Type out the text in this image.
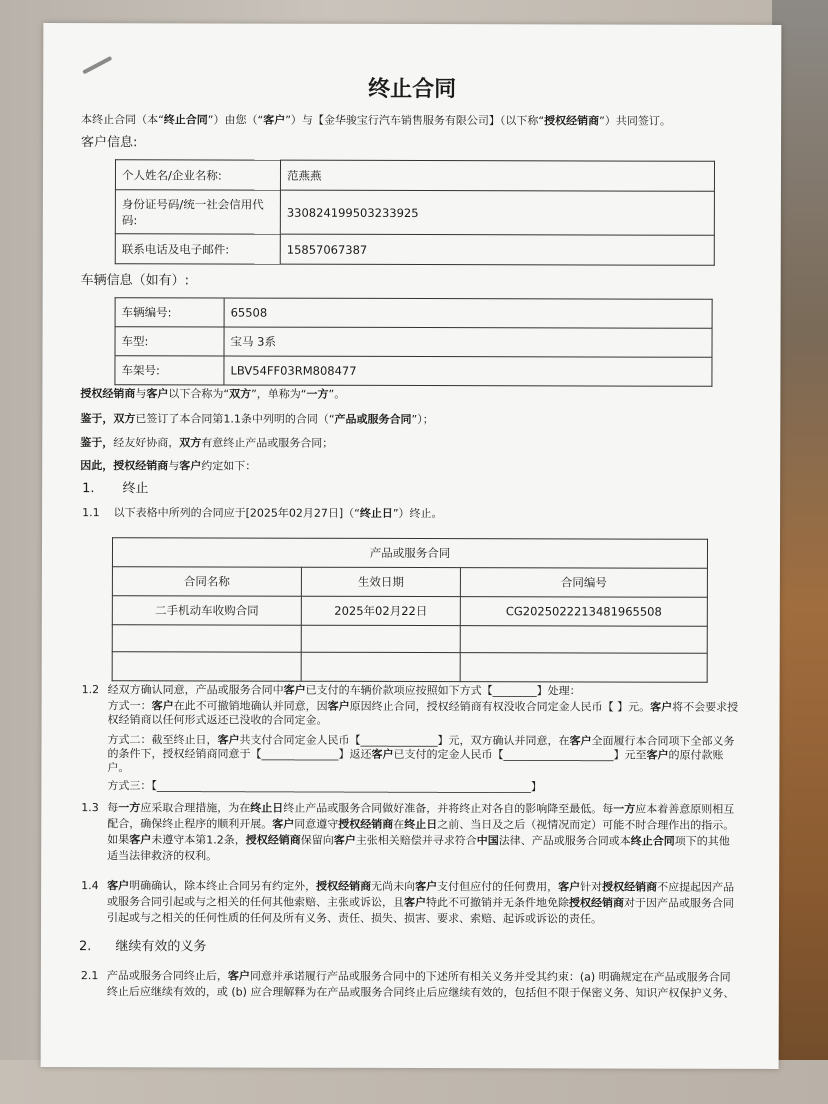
终止合同
本终止合同（本“终止合同”）由您（“客户”）与【金华骏宝行汽车销售服务有限公司】（以下称“授权经销商”）共同签订。
客户信息:
个人姓名/企业名称:	范燕燕
身份证号码/统一社会信用代码:	330824199503233925
联系电话及电子邮件:	15857067387
车辆信息（如有）:
车辆编号:	65508
车型:	宝马 3系
车架号:	LBV54FF03RM808477
授权经销商与客户以下合称为“双方”，单称为“一方”。
鉴于，双方已签订了本合同第1.1条中列明的合同（“产品或服务合同”）；
鉴于，经友好协商，双方有意终止产品或服务合同；
因此，授权经销商与客户约定如下：
1. 终止
1.1 以下表格中所列的合同应于[2025年02月27日]（“终止日”）终止。
产品或服务合同		
合同名称	生效日期	合同编号
二手机动车收购合同	2025年02月22日	CG2025022213481965508

1.2 经双方确认同意，产品或服务合同中客户已支付的车辆价款项应按照如下方式【________】处理：
方式一：客户在此不可撤销地确认并同意，因客户原因终止合同，授权经销商有权没收合同定金人民币【 】元。客户将不会要求授
权经销商以任何形式返还已没收的合同定金。
方式二：截至终止日，客户共支付合同定金人民币【______________】元，双方确认并同意，在客户全面履行本合同项下全部义务
的条件下，授权经销商同意于【______________】返还客户已支付的定金人民币【____________________】元至客户的原付款账
户。
方式三：【____________________________________________________________________】
1.3 每一方应采取合理措施，为在终止日终止产品或服务合同做好准备，并将终止对各自的影响降至最低。每一方应本着善意原则相互
配合，确保终止程序的顺利开展。客户同意遵守授权经销商在终止日之前、当日及之后（视情况而定）可能不时合理作出的指示。
如果客户未遵守本第1.2条，授权经销商保留向客户主张相关赔偿并寻求符合中国法律、产品或服务合同或本终止合同项下的其他
适当法律救济的权利。
1.4 客户明确确认，除本终止合同另有约定外，授权经销商无尚未向客户支付但应付的任何费用，客户针对授权经销商不应提起因产品
或服务合同引起或与之相关的任何其他索赔、主张或诉讼，且客户特此不可撤销并无条件地免除授权经销商对于因产品或服务合同
引起或与之相关的任何性质的任何及所有义务、责任、损失、损害、要求、索赔、起诉或诉讼的责任。
2. 继续有效的义务
2.1 产品或服务合同终止后，客户同意并承诺履行产品或服务合同中的下述所有相关义务并受其约束：(a) 明确规定在产品或服务合同
终止后应继续有效的，或 (b) 应合理解释为在产品或服务合同终止后应继续有效的，包括但不限于保密义务、知识产权保护义务、
